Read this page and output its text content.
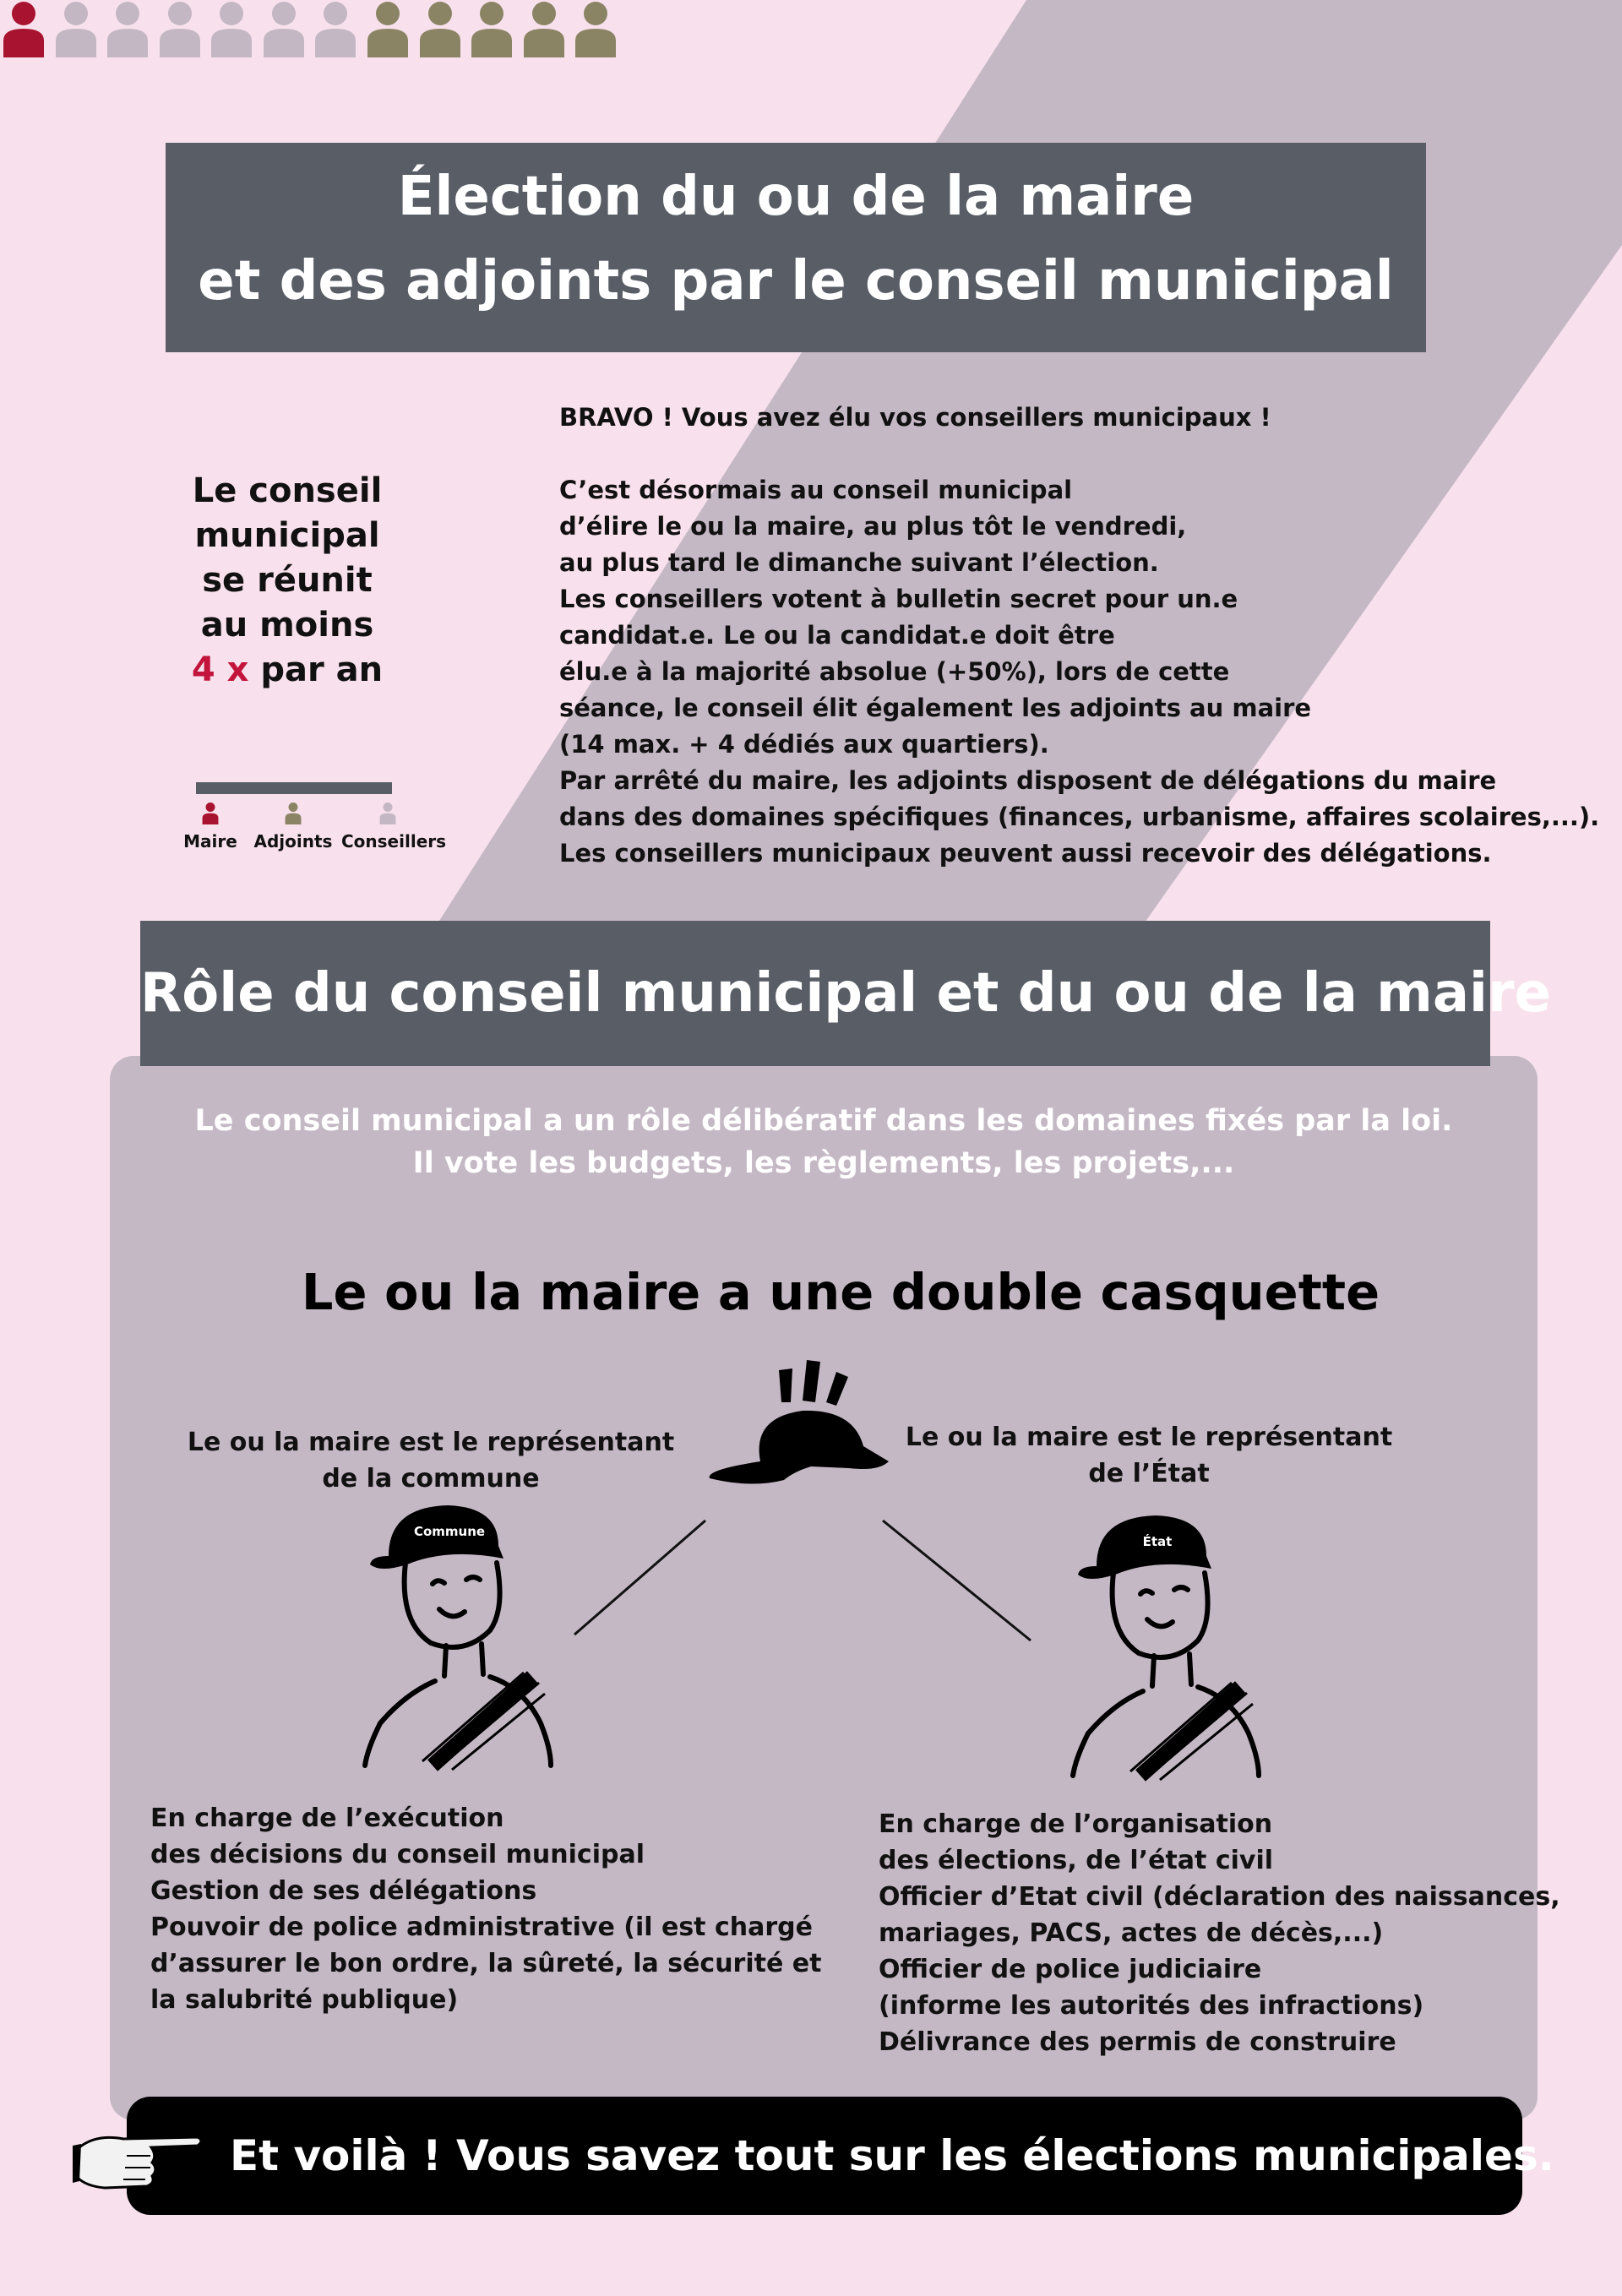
Élection du ou de la maire
et des adjoints par le conseil municipal

Le conseil
municipal
se réunit
au moins
4 x par an
Maire Adjoints Conseillers

BRAVO ! Vous avez élu vos conseillers municipaux !

C’est désormais au conseil municipal

d’élire le ou la maire, au plus tôt le vendredi,

au plus tard le dimanche suivant l’élection.

Les conseillers votent à bulletin secret pour un.e

candidat.e. Le ou la candidat.e doit être

élu.e à la majorité absolue (+50%), lors de cette

séance, le conseil élit également les adjoints au maire

(14 max. + 4 dédiés aux quartiers).

Par arrêté du maire, les adjoints disposent de délégations du maire

dans des domaines spécifiques (finances, urbanisme, affaires scolaires,...).

Les conseillers municipaux peuvent aussi recevoir des délégations.

Rôle du conseil municipal et du ou de la maire

Le conseil municipal a un rôle délibératif dans les domaines fixés par la loi.

Il vote les budgets, les règlements, les projets,...

Le ou la maire a une double casquette
Le ou la maire est le représentant
de la commune
Commune

En charge de l’exécution

des décisions du conseil municipal

Gestion de ses délégations

Pouvoir de police administrative (il est chargé

d’assurer le bon ordre, la sûreté, la sécurité et

la salubrité publique)

Le ou la maire est le représentant
de l’État
État

En charge de l’organisation

des élections, de l’état civil

Officier d’Etat civil (déclaration des naissances,

mariages, PACS, actes de décès,...)

Officier de police judiciaire

(informe les autorités des infractions)

Délivrance des permis de construire

Et voilà ! Vous savez tout sur les élections municipales.
